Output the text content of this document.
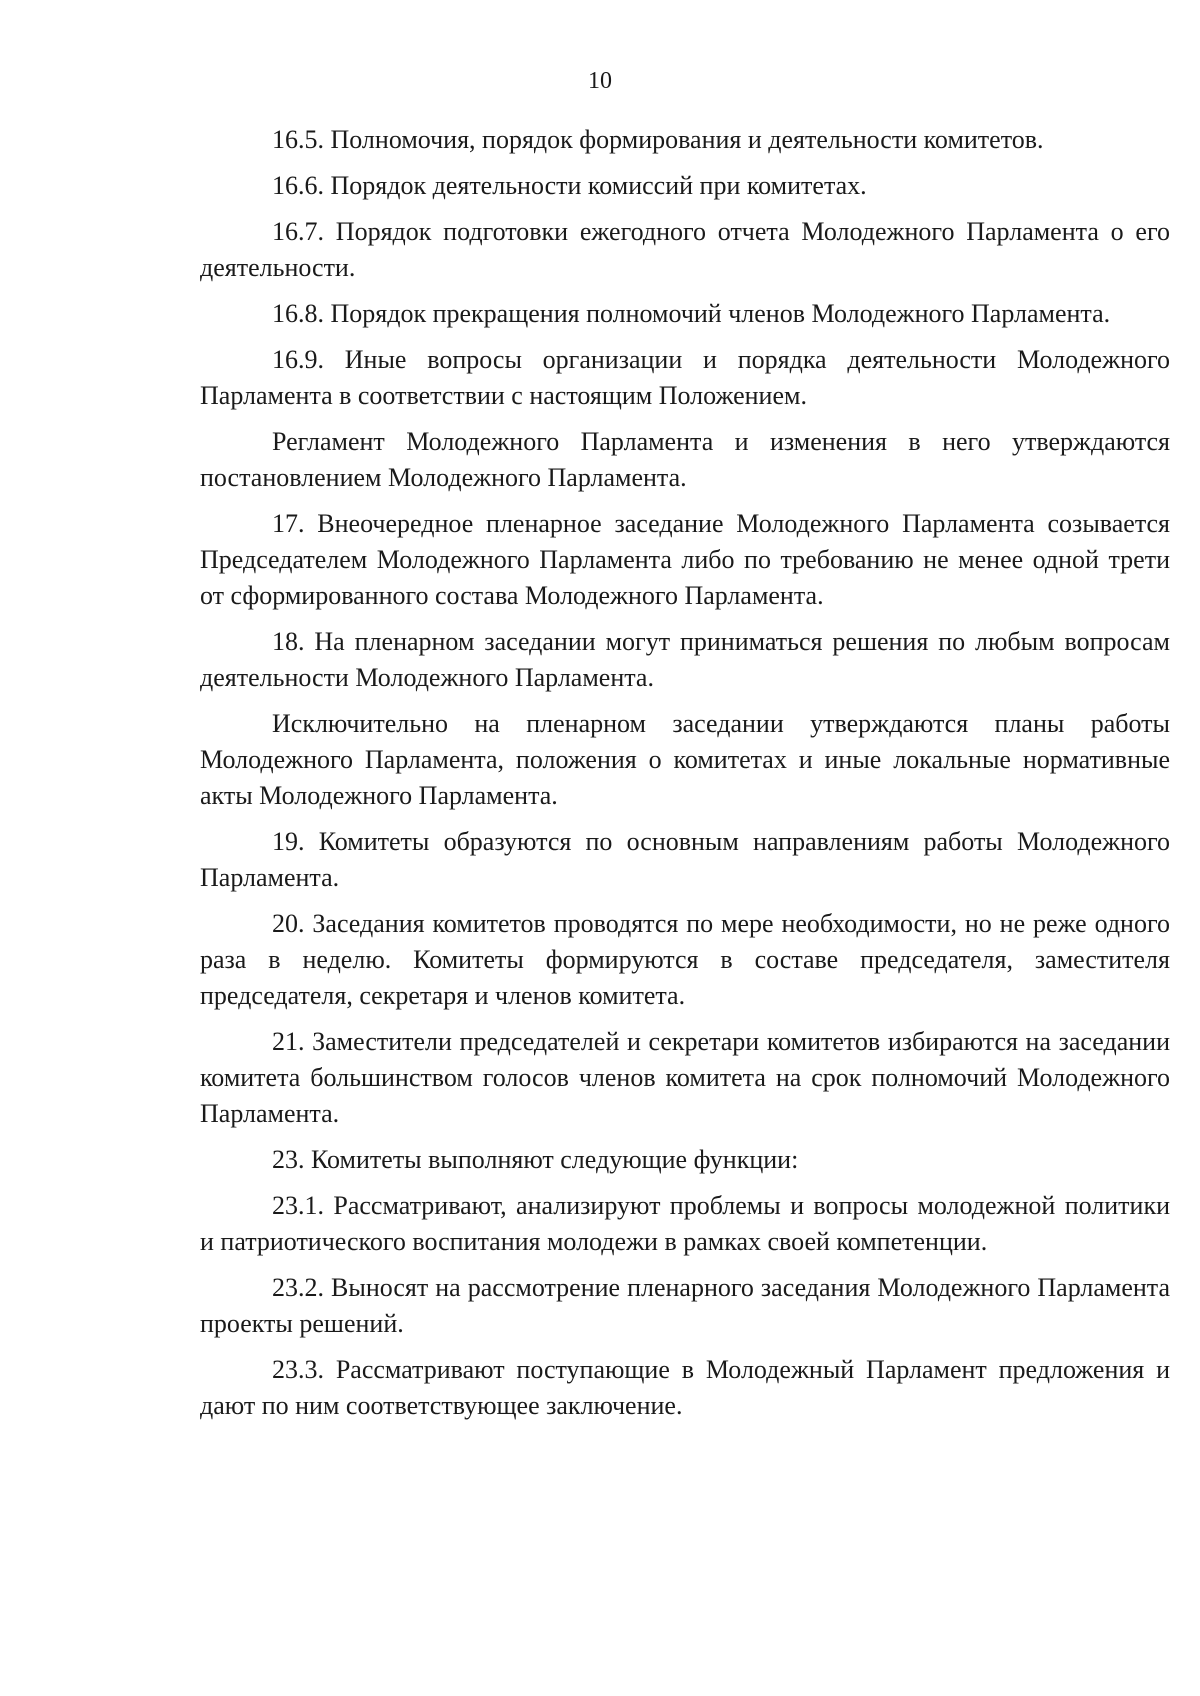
10

16.5. Полномочия, порядок формирования и деятельности комитетов.

16.6. Порядок деятельности комиссий при комитетах.

16.7. Порядок подготовки ежегодного отчета Молодежного Парламента о его деятельности.

16.8. Порядок прекращения полномочий членов Молодежного Парламента.

16.9. Иные вопросы организации и порядка деятельности Молодежного Парламента в соответствии с настоящим Положением.

Регламент Молодежного Парламента и изменения в него утверждаются постановлением Молодежного Парламента.

17. Внеочередное пленарное заседание Молодежного Парламента созывается Председателем Молодежного Парламента либо по требованию не менее одной трети от сформированного состава Молодежного Парламента.

18. На пленарном заседании могут приниматься решения по любым вопросам деятельности Молодежного Парламента.

Исключительно на пленарном заседании утверждаются планы работы Молодежного Парламента, положения о комитетах и иные локальные нормативные акты Молодежного Парламента.

19. Комитеты образуются по основным направлениям работы Молодежного Парламента.

20. Заседания комитетов проводятся по мере необходимости, но не реже одного раза в неделю. Комитеты формируются в составе председателя, заместителя председателя, секретаря и членов комитета.

21. Заместители председателей и секретари комитетов избираются на заседании комитета большинством голосов членов комитета на срок полномочий Молодежного Парламента.

23. Комитеты выполняют следующие функции:

23.1. Рассматривают, анализируют проблемы и вопросы молодежной политики и патриотического воспитания молодежи в рамках своей компетенции.

23.2. Выносят на рассмотрение пленарного заседания Молодежного Парламента проекты решений.

23.3. Рассматривают поступающие в Молодежный Парламент предложения и дают по ним соответствующее заключение.
